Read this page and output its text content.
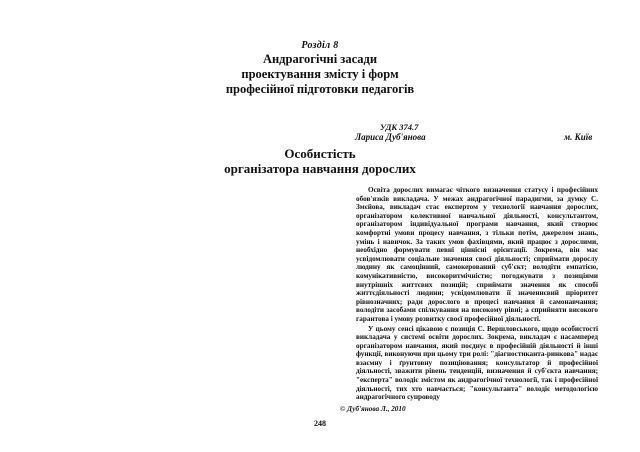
Розділ 8
Андрагогічні засади
проектування змісту і форм
професійної підготовки педагогів
УДК 374.7
Лариса Дуб'янова	м. Київ
Особистість
організатора навчання дорослих

Освіта дорослих вимагає чіткого визначення статусу і професійних обов'язків викладача. У межах андрагогічної парадигми, за думку С. Змєйова, викладач стає експертом у технології навчання дорослих, організатором колективної навчальної діяльності, консультантом, організатором індивідуальної програми навчання, який створює комфортні умови процесу навчання, з тільки потім, джерелом знань, умінь і навичок. За таких умов фахівцями, який працює з дорослими, необхідно формувати певні ціннісні орієнтації. Зокрема, він має усвідомлювати соціальне значення своєї діяльності; сприймати дорослу людину як самоцінний, самокерований суб'єкт; володіти емпатією, комунікативністю, високоритмічністю; погоджувати з позиціями внутрішніх життєвих позицій; сприймати значення як способі життєдіяльності людини; усвідомлювати її значеннєвий пріоритет рівнозначних; ради дорослого в процесі навчання й самонавчання; володіти засобами спілкування на високому рівні; а сприйняти високого гарантова і умову розвитку своєї професійної діяльності.

У цьому сенсі цікавою є позиція С. Вершловського, щодо особистості викладача у системі освіти дорослих. Зокрема, викладач є насамперед організатором навчання, який поєднує в професійній діяльності й інші функції, виконуючи при цьому три ролі: "діагностиканта-ринкова" надає взаємну і ґрунтовну позиціювання; консультатор й професійної діяльності, зважити рівень тенденцій, визначення й суб'єкта навчання; "експерта" володіє змістом як андрагогічної технології, так і професійної діяльності, тих хто навчається; "консультанта" володіє методологією андрагогічного супроводу

© Дуб'янова Л., 2010
248
